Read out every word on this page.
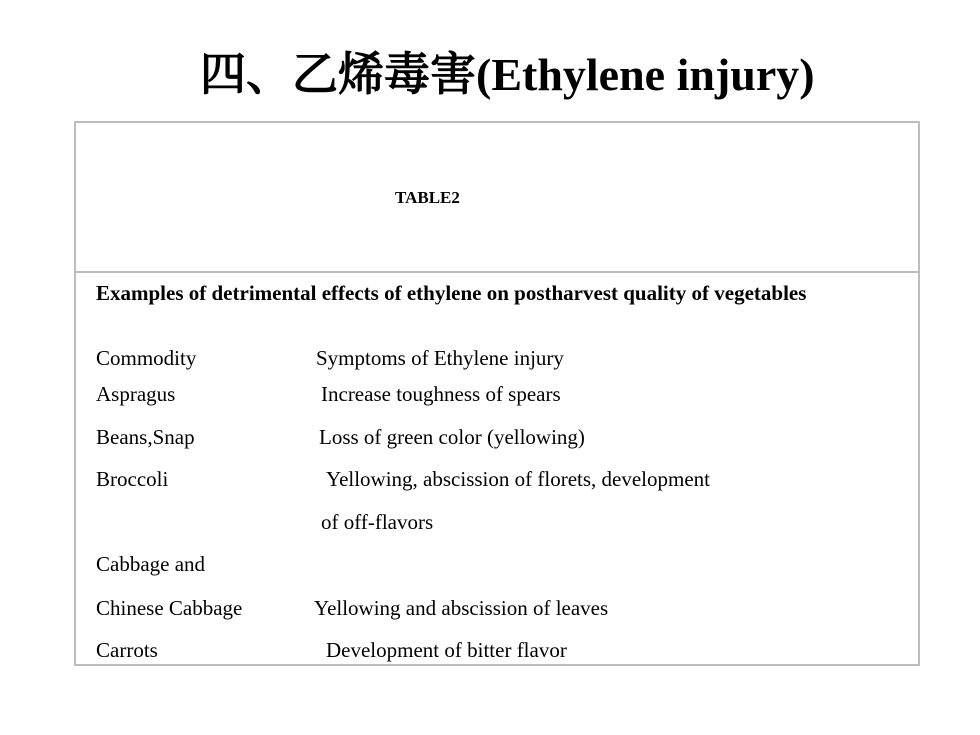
四、乙烯毒害(Ethylene injury)
TABLE2
Examples of detrimental effects of ethylene on postharvest quality of vegetables
Commodity	Symptoms of Ethylene injury
Aspragus	Increase toughness of spears
Beans,Snap	Loss of green color (yellowing)
Broccoli	Yellowing, abscission of florets, development
of off-flavors
Cabbage and
Chinese Cabbage	Yellowing and abscission of leaves
Carrots	Development of bitter flavor
